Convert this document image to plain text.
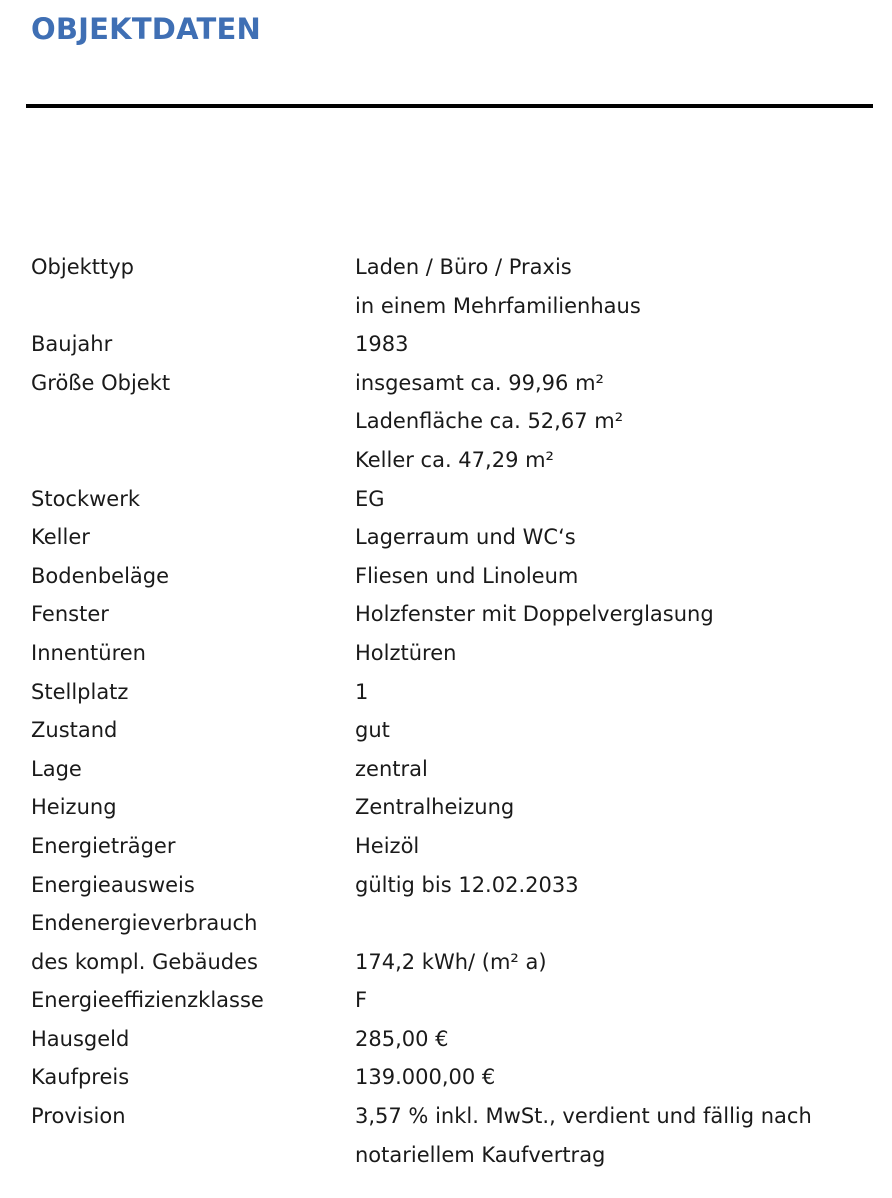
OBJEKTDATEN
Objekttyp	Laden / Büro / Praxis
in einem Mehrfamilienhaus
Baujahr	1983
Größe Objekt	insgesamt ca. 99,96 m²
Ladenfläche ca. 52,67 m²
Keller ca. 47,29 m²
Stockwerk	EG
Keller	Lagerraum und WC‘s
Bodenbeläge	Fliesen und Linoleum
Fenster	Holzfenster mit Doppelverglasung
Innentüren	Holztüren
Stellplatz	1
Zustand	gut
Lage	zentral
Heizung	Zentralheizung
Energieträger	Heizöl
Energieausweis	gültig bis 12.02.2033
Endenergieverbrauch
des kompl. Gebäudes	174,2 kWh/ (m² a)
Energieeffizienzklasse	F
Hausgeld	285,00 €
Kaufpreis	139.000,00 €
Provision	3,57 % inkl. MwSt., verdient und fällig nach
notariellem Kaufvertrag
